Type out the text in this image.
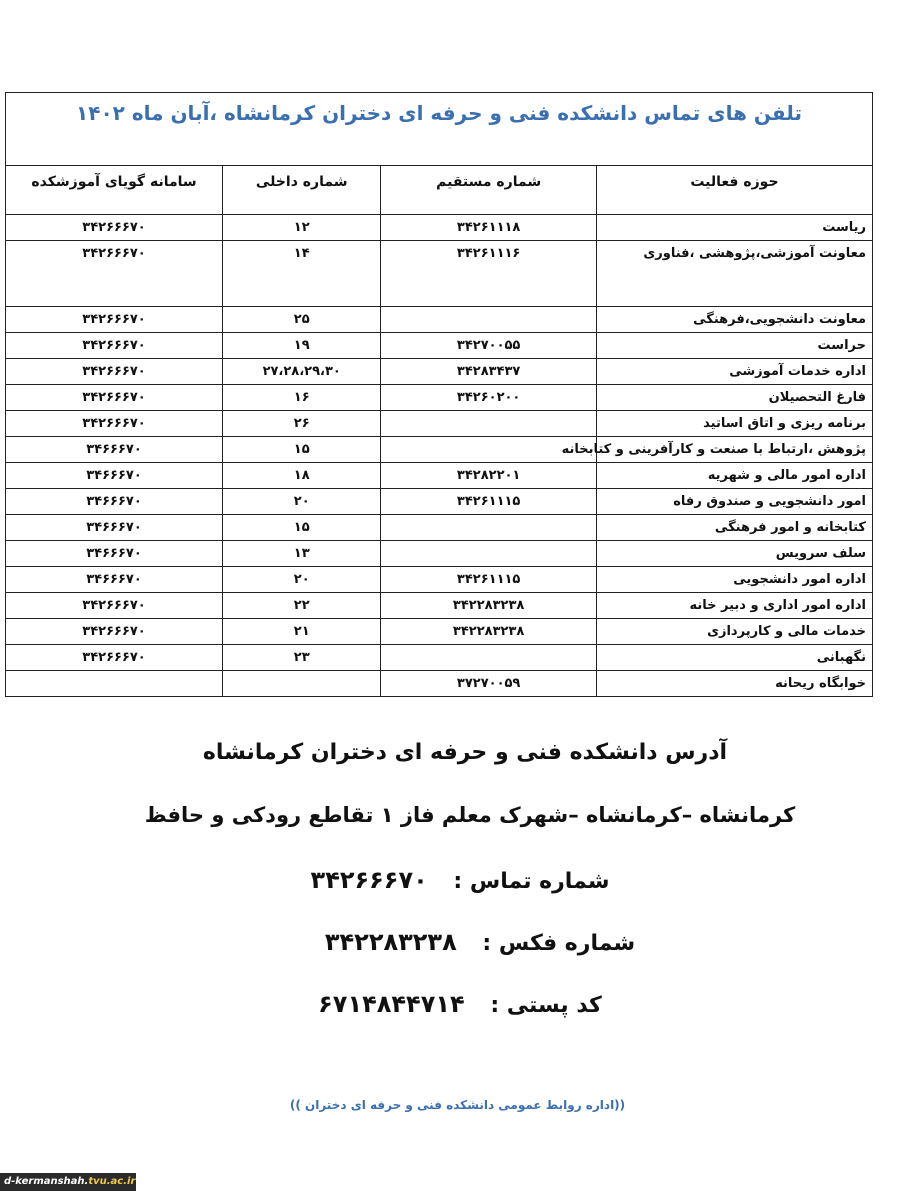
تلفن های تماس دانشکده فنی و حرفه ای دختران کرمانشاه ،آبان ماه ۱۴۰۲
حوزه فعالیت	شماره مستقیم	شماره داخلی	سامانه گویای آموزشکده
ریاست	۳۴۲۶۱۱۱۸	۱۲	۳۴۲۶۶۶۷۰
معاونت آموزشی،پژوهشی ،فناوری	۳۴۲۶۱۱۱۶	۱۴	۳۴۲۶۶۶۷۰
معاونت دانشجویی،فرهنگی		۲۵	۳۴۲۶۶۶۷۰
حراست	۳۴۲۷۰۰۵۵	۱۹	۳۴۲۶۶۶۷۰
اداره خدمات آموزشی	۳۴۲۸۳۴۳۷	۲۷،۲۸،۲۹،۳۰	۳۴۲۶۶۶۷۰
فارغ التحصیلان	۳۴۲۶۰۲۰۰	۱۶	۳۴۲۶۶۶۷۰
برنامه ریزی و اتاق اساتید		۲۶	۳۴۲۶۶۶۷۰
پژوهش ،ارتباط با صنعت و کارآفرینی و کتابخانه		۱۵	۳۴۶۶۶۷۰
اداره امور مالی و شهریه	۳۴۲۸۲۲۰۱	۱۸	۳۴۶۶۶۷۰
امور دانشجویی و صندوق رفاه	۳۴۲۶۱۱۱۵	۲۰	۳۴۶۶۶۷۰
کتابخانه و امور فرهنگی		۱۵	۳۴۶۶۶۷۰
سلف سرویس		۱۳	۳۴۶۶۶۷۰
اداره امور دانشجویی	۳۴۲۶۱۱۱۵	۲۰	۳۴۶۶۶۷۰
اداره امور اداری و دبیر خانه	۳۴۲۲۸۳۲۳۸	۲۲	۳۴۲۶۶۶۷۰
خدمات مالی و کارپردازی	۳۴۲۲۸۳۲۳۸	۲۱	۳۴۲۶۶۶۷۰
نگهبانی		۲۳	۳۴۲۶۶۶۷۰
خوابگاه ریحانه	۳۷۲۷۰۰۵۹		
آدرس دانشکده فنی و حرفه ای دختران کرمانشاه
کرمانشاه –کرمانشاه –شهرک معلم فاز ۱ تقاطع رودکی و حافظ
شماره تماس : ۳۴۲۶۶۶۷۰
شماره فکس : ۳۴۲۲۸۳۲۳۸
کد پستی : ۶۷۱۴۸۴۴۷۱۴
((اداره روابط عمومی دانشکده فنی و حرفه ای دختران ))
d-kermanshah.tvu.ac.ir
